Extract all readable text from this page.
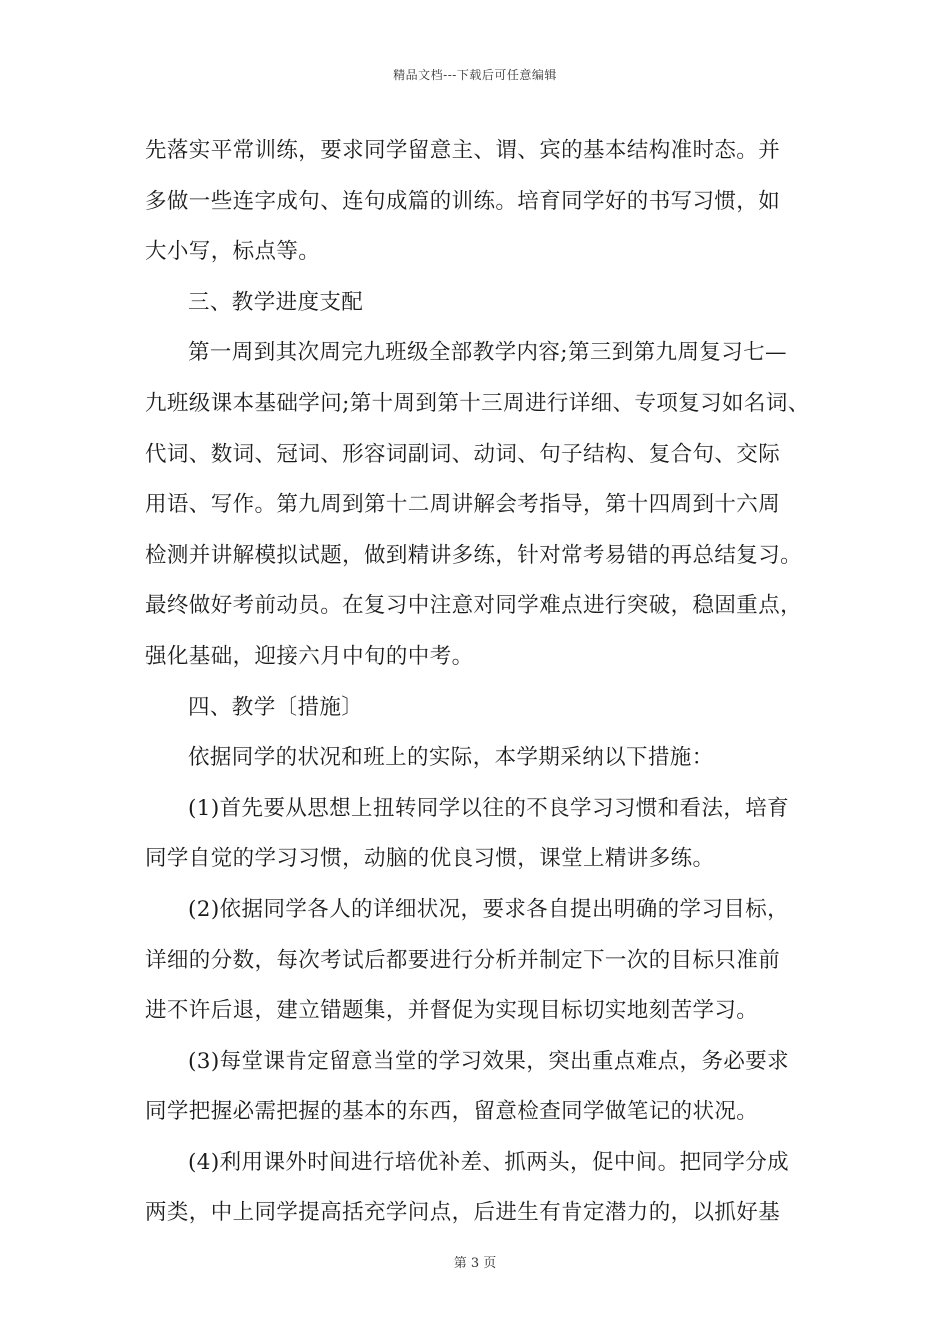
精品文档---下载后可任意编辑
先落实平常训练，要求同学留意主、谓、宾的基本结构准时态。并
多做一些连字成句、连句成篇的训练。培育同学好的书写习惯，如
大小写，标点等。
三、教学进度支配
第一周到其次周完九班级全部教学内容;第三到第九周复习七—
九班级课本基础学问;第十周到第十三周进行详细、专项复习如名词、
代词、数词、冠词、形容词副词、动词、句子结构、复合句、交际
用语、写作。第九周到第十二周讲解会考指导，第十四周到十六周
检测并讲解模拟试题，做到精讲多练，针对常考易错的再总结复习。
最终做好考前动员。在复习中注意对同学难点进行突破，稳固重点，
强化基础，迎接六月中旬的中考。
四、教学〔措施〕
依据同学的状况和班上的实际，本学期采纳以下措施：
(1)首先要从思想上扭转同学以往的不良学习习惯和看法，培育
同学自觉的学习习惯，动脑的优良习惯，课堂上精讲多练。
(2)依据同学各人的详细状况，要求各自提出明确的学习目标，
详细的分数，每次考试后都要进行分析并制定下一次的目标只准前
进不许后退，建立错题集，并督促为实现目标切实地刻苦学习。
(3)每堂课肯定留意当堂的学习效果，突出重点难点，务必要求
同学把握必需把握的基本的东西，留意检查同学做笔记的状况。
(4)利用课外时间进行培优补差、抓两头，促中间。把同学分成
两类，中上同学提高括充学问点，后进生有肯定潜力的，以抓好基
第 3 页
